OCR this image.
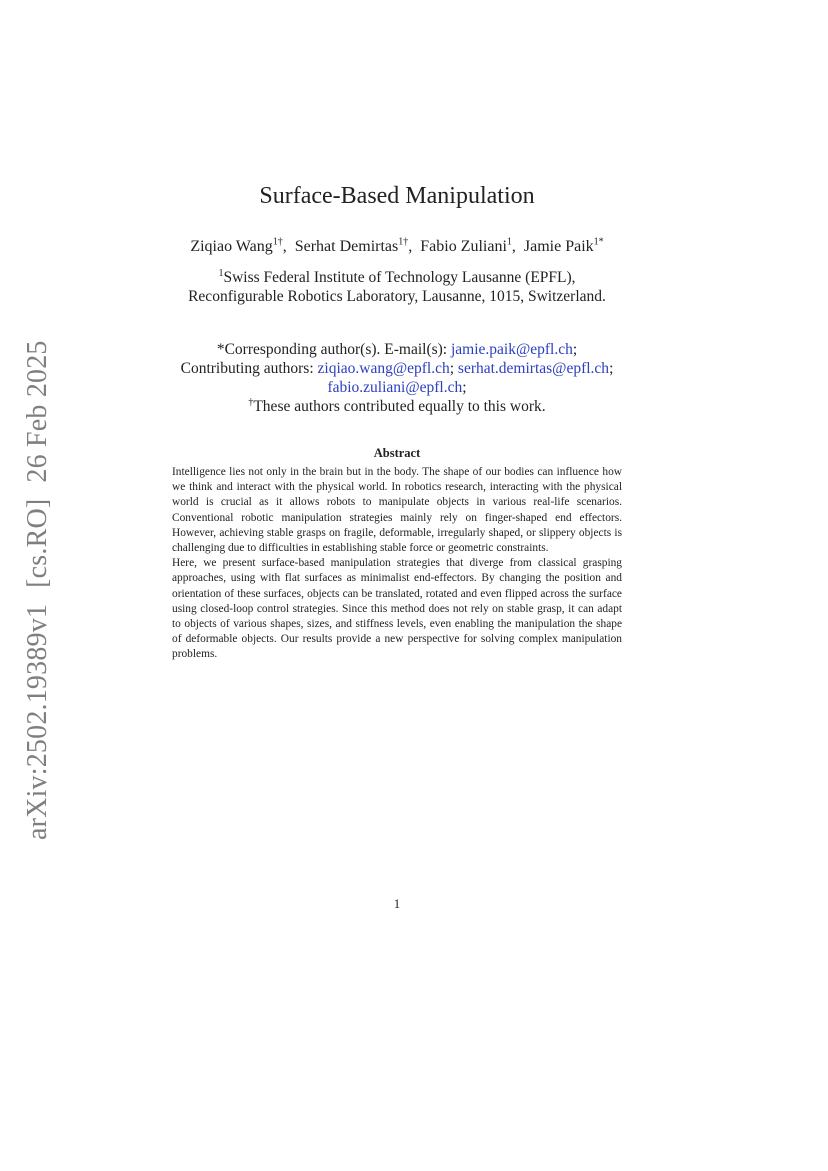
arXiv:2502.19389v1[cs.RO]26 Feb 2025
Surface-Based Manipulation
Ziqiao Wang$^{1\dagger}$,  Serhat Demirtas$^{1\dagger}$,  Fabio Zuliani$^1$,  Jamie Paik$^{1*}$
$^1$Swiss Federal Institute of Technology Lausanne (EPFL),
Reconfigurable Robotics Laboratory, Lausanne, 1015, Switzerland.
*Corresponding author(s). E-mail(s): jamie.paik@epfl.ch;
Contributing authors: ziqiao.wang@epfl.ch; serhat.demirtas@epfl.ch;
fabio.zuliani@epfl.ch;
†These authors contributed equally to this work.
Abstract

Intelligence lies not only in the brain but in the body. The shape of our bodies can influence how we think and interact with the physical world. In robotics research, interacting with the physical world is crucial as it allows robots to manipulate objects in various real-life scenarios. Conventional robotic manipulation strategies mainly rely on finger-shaped end effectors. However, achieving stable grasps on fragile, deformable, irregularly shaped, or slippery objects is challenging due to difficulties in establishing stable force or geometric constraints.

Here, we present surface-based manipulation strategies that diverge from classical grasping approaches, using with flat surfaces as minimalist end-effectors. By changing the position and orientation of these surfaces, objects can be translated, rotated and even flipped across the surface using closed-loop control strategies. Since this method does not rely on stable grasp, it can adapt to objects of various shapes, sizes, and stiffness levels, even enabling the manipulation the shape of deformable objects. Our results provide a new perspective for solving complex manipulation problems.

1
